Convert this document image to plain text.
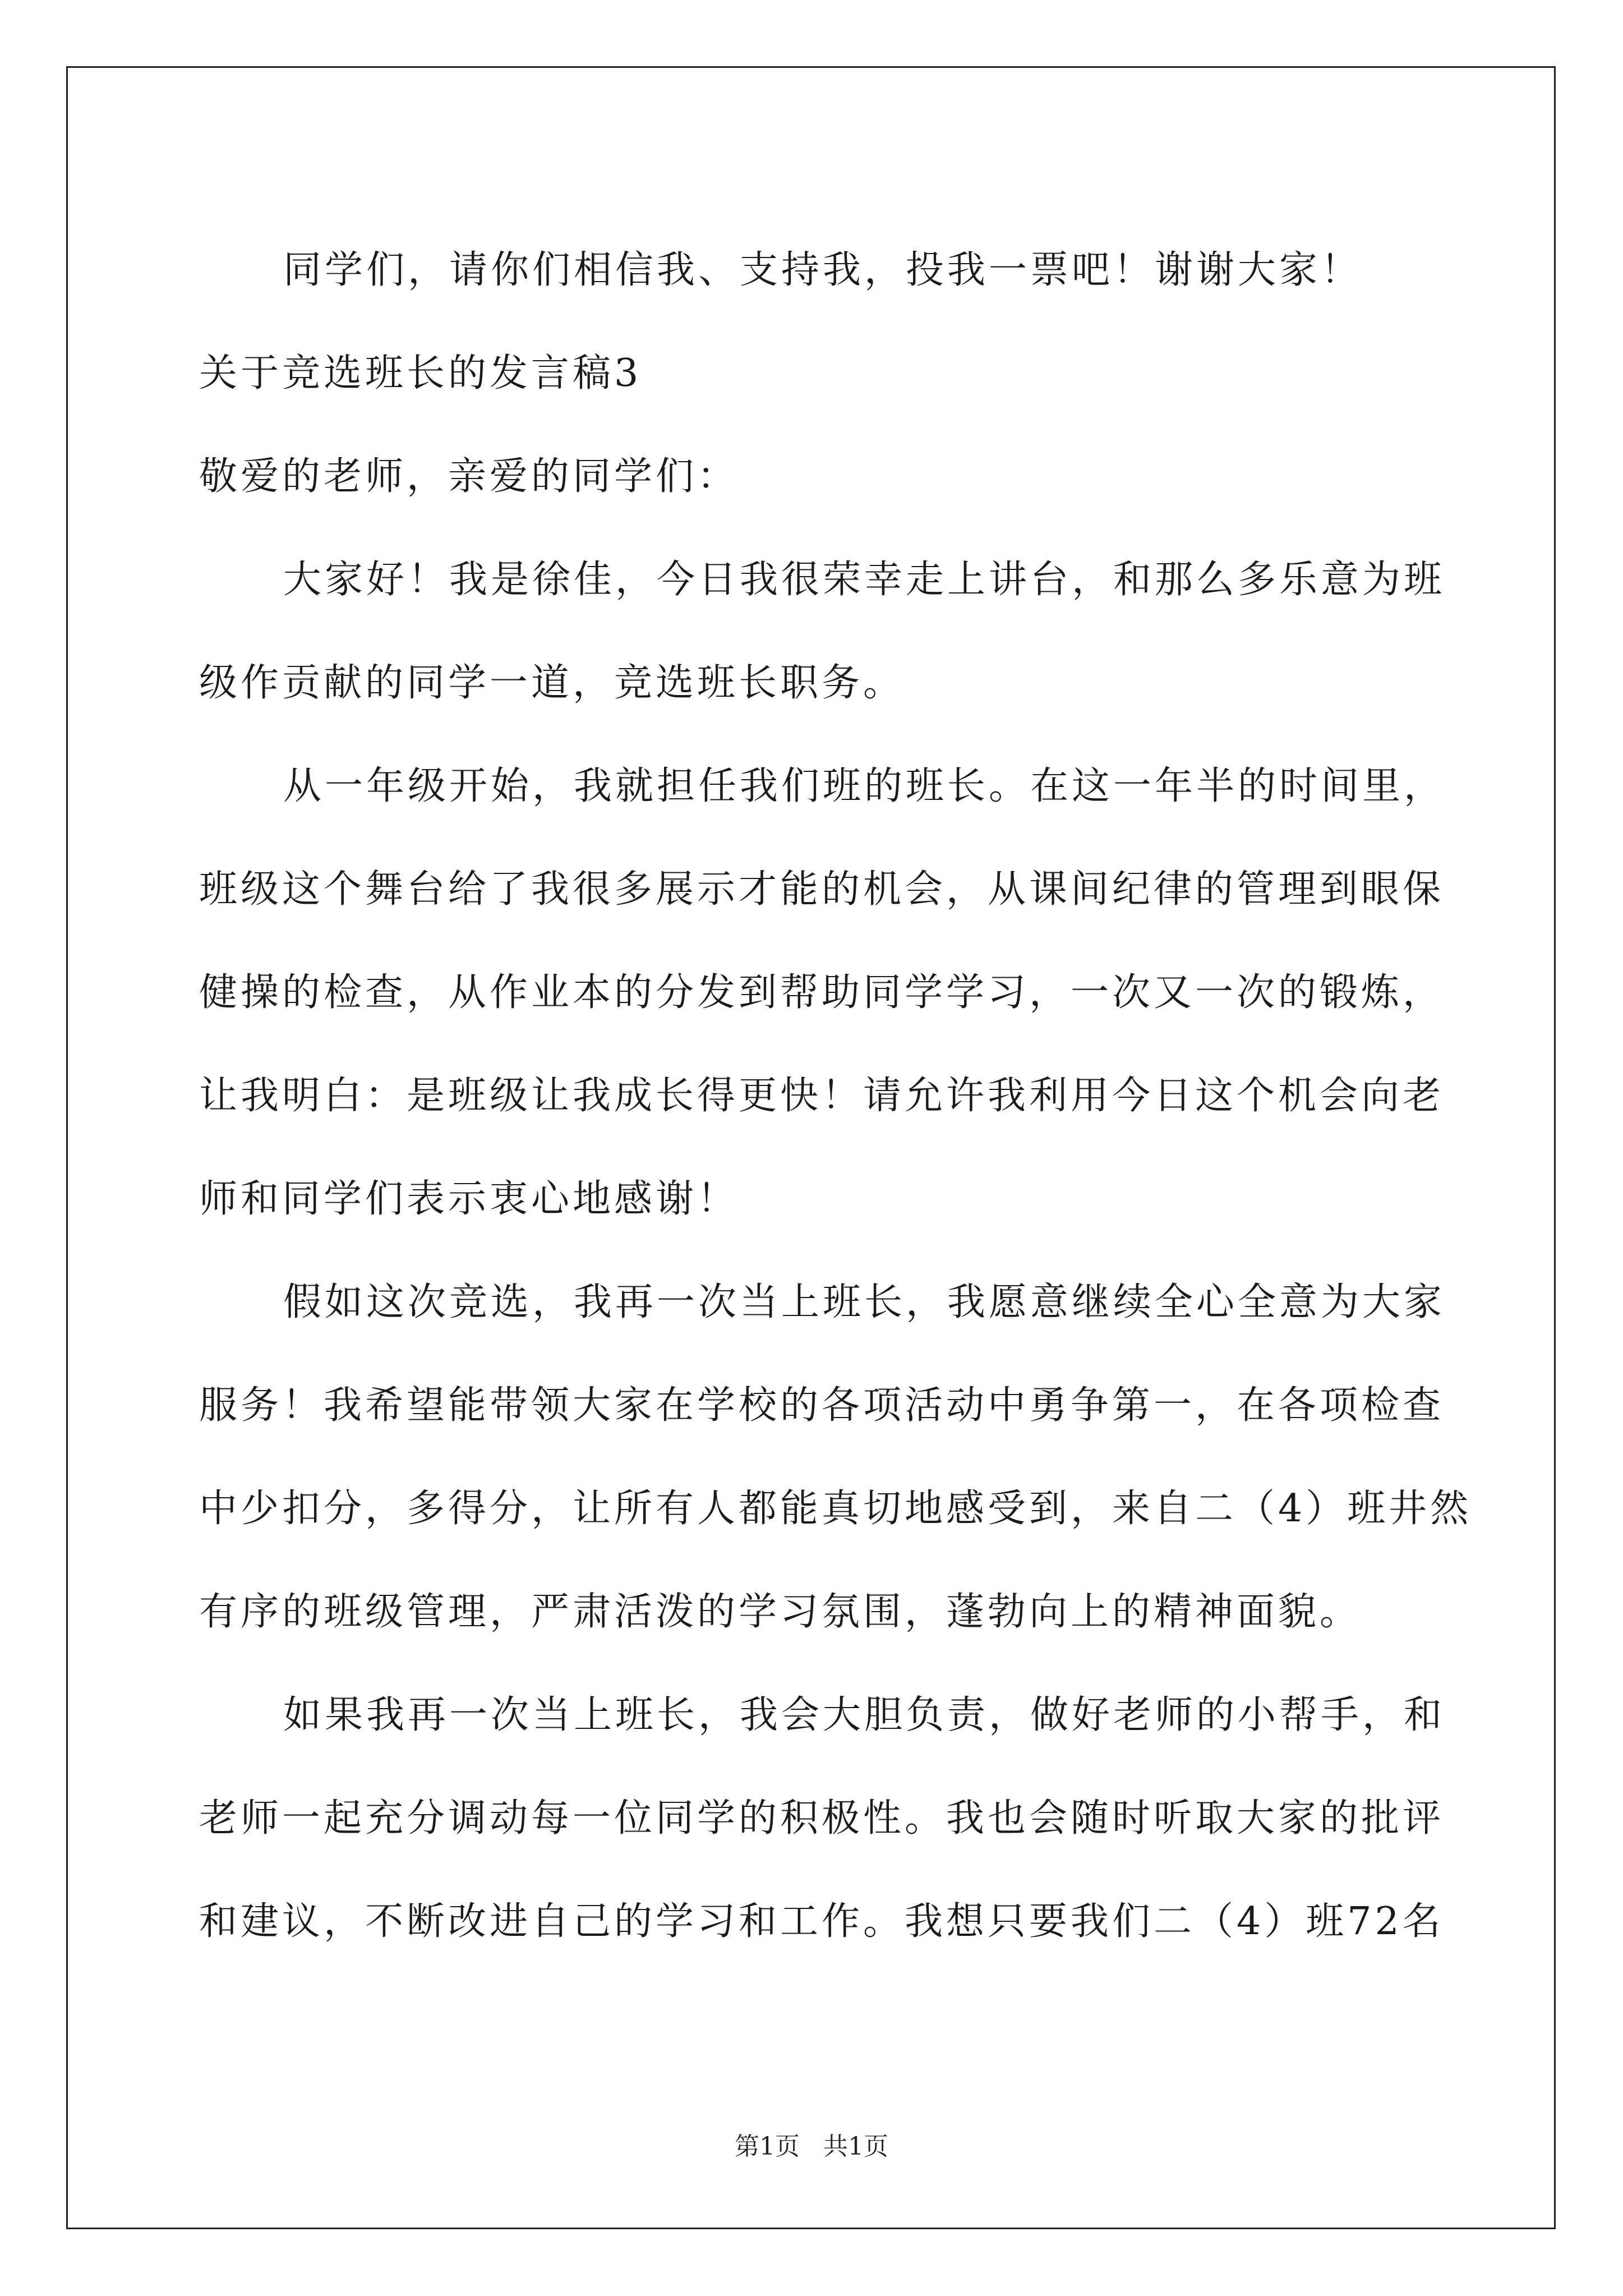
同学们，请你们相信我、支持我，投我一票吧！谢谢大家！
关于竞选班长的发言稿3
敬爱的老师，亲爱的同学们：
大家好！我是徐佳，今日我很荣幸走上讲台，和那么多乐意为班
级作贡献的同学一道，竞选班长职务。
从一年级开始，我就担任我们班的班长。在这一年半的时间里，
班级这个舞台给了我很多展示才能的机会，从课间纪律的管理到眼保
健操的检查，从作业本的分发到帮助同学学习，一次又一次的锻炼，
让我明白：是班级让我成长得更快！请允许我利用今日这个机会向老
师和同学们表示衷心地感谢！
假如这次竞选，我再一次当上班长，我愿意继续全心全意为大家
服务！我希望能带领大家在学校的各项活动中勇争第一，在各项检查
中少扣分，多得分，让所有人都能真切地感受到，来自二（4）班井然
有序的班级管理，严肃活泼的学习氛围，蓬勃向上的精神面貌。
如果我再一次当上班长，我会大胆负责，做好老师的小帮手，和
老师一起充分调动每一位同学的积极性。我也会随时听取大家的批评
和建议，不断改进自己的学习和工作。我想只要我们二（4）班72名
第1页   共1页
